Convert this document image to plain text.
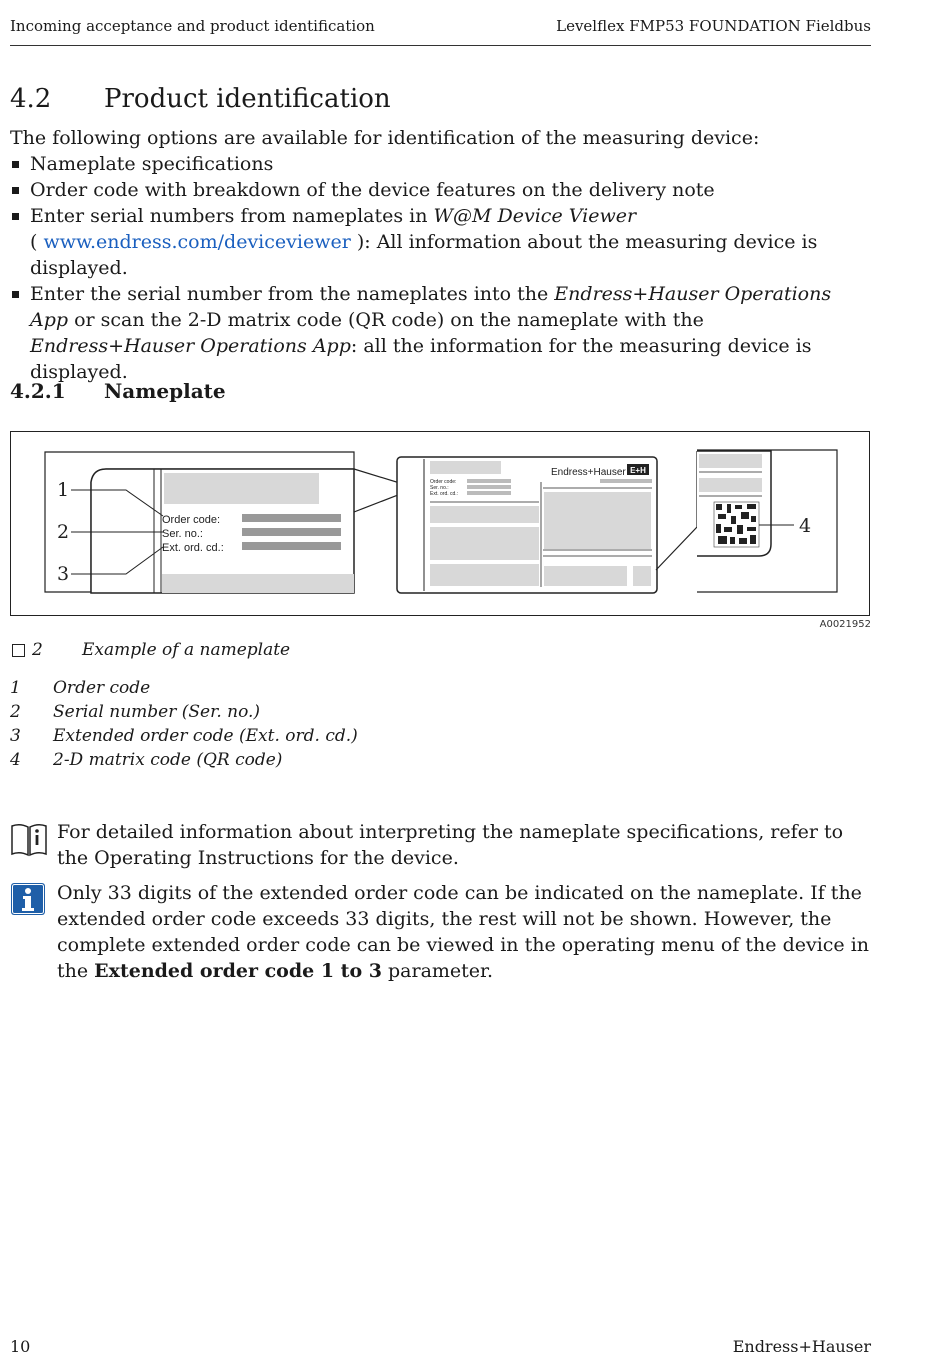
Incoming acceptance and product identification	Levelflex FMP53 FOUNDATION Fieldbus
4.2 Product identification
The following options are available for identification of the measuring device:
Nameplate specifications
Order code with breakdown of the device features on the delivery note
Enter serial numbers from nameplates in W@M Device Viewer
( www.endress.com/deviceviewer ): All information about the measuring device is displayed.
Enter the serial number from the nameplates into the Endress+Hauser Operations App or scan the 2-D matrix code (QR code) on the nameplate with the Endress+Hauser Operations App: all the information for the measuring device is displayed.
4.2.1 Nameplate
Order code:
Ser. no.:
Ext. ord. cd.:
1
2
3
Endress+Hauser E+H
Order code:
Ser. no.:
Ext. ord. cd.:
4
A0021952
2 Example of a nameplate
1 Order code
2 Serial number (Ser. no.)
3 Extended order code (Ext. ord. cd.)
4 2-D matrix code (QR code)
For detailed information about interpreting the nameplate specifications, refer to the Operating Instructions for the device.
Only 33 digits of the extended order code can be indicated on the nameplate. If the extended order code exceeds 33 digits, the rest will not be shown. However, the complete extended order code can be viewed in the operating menu of the device in the Extended order code 1 to 3 parameter.
10	Endress+Hauser
